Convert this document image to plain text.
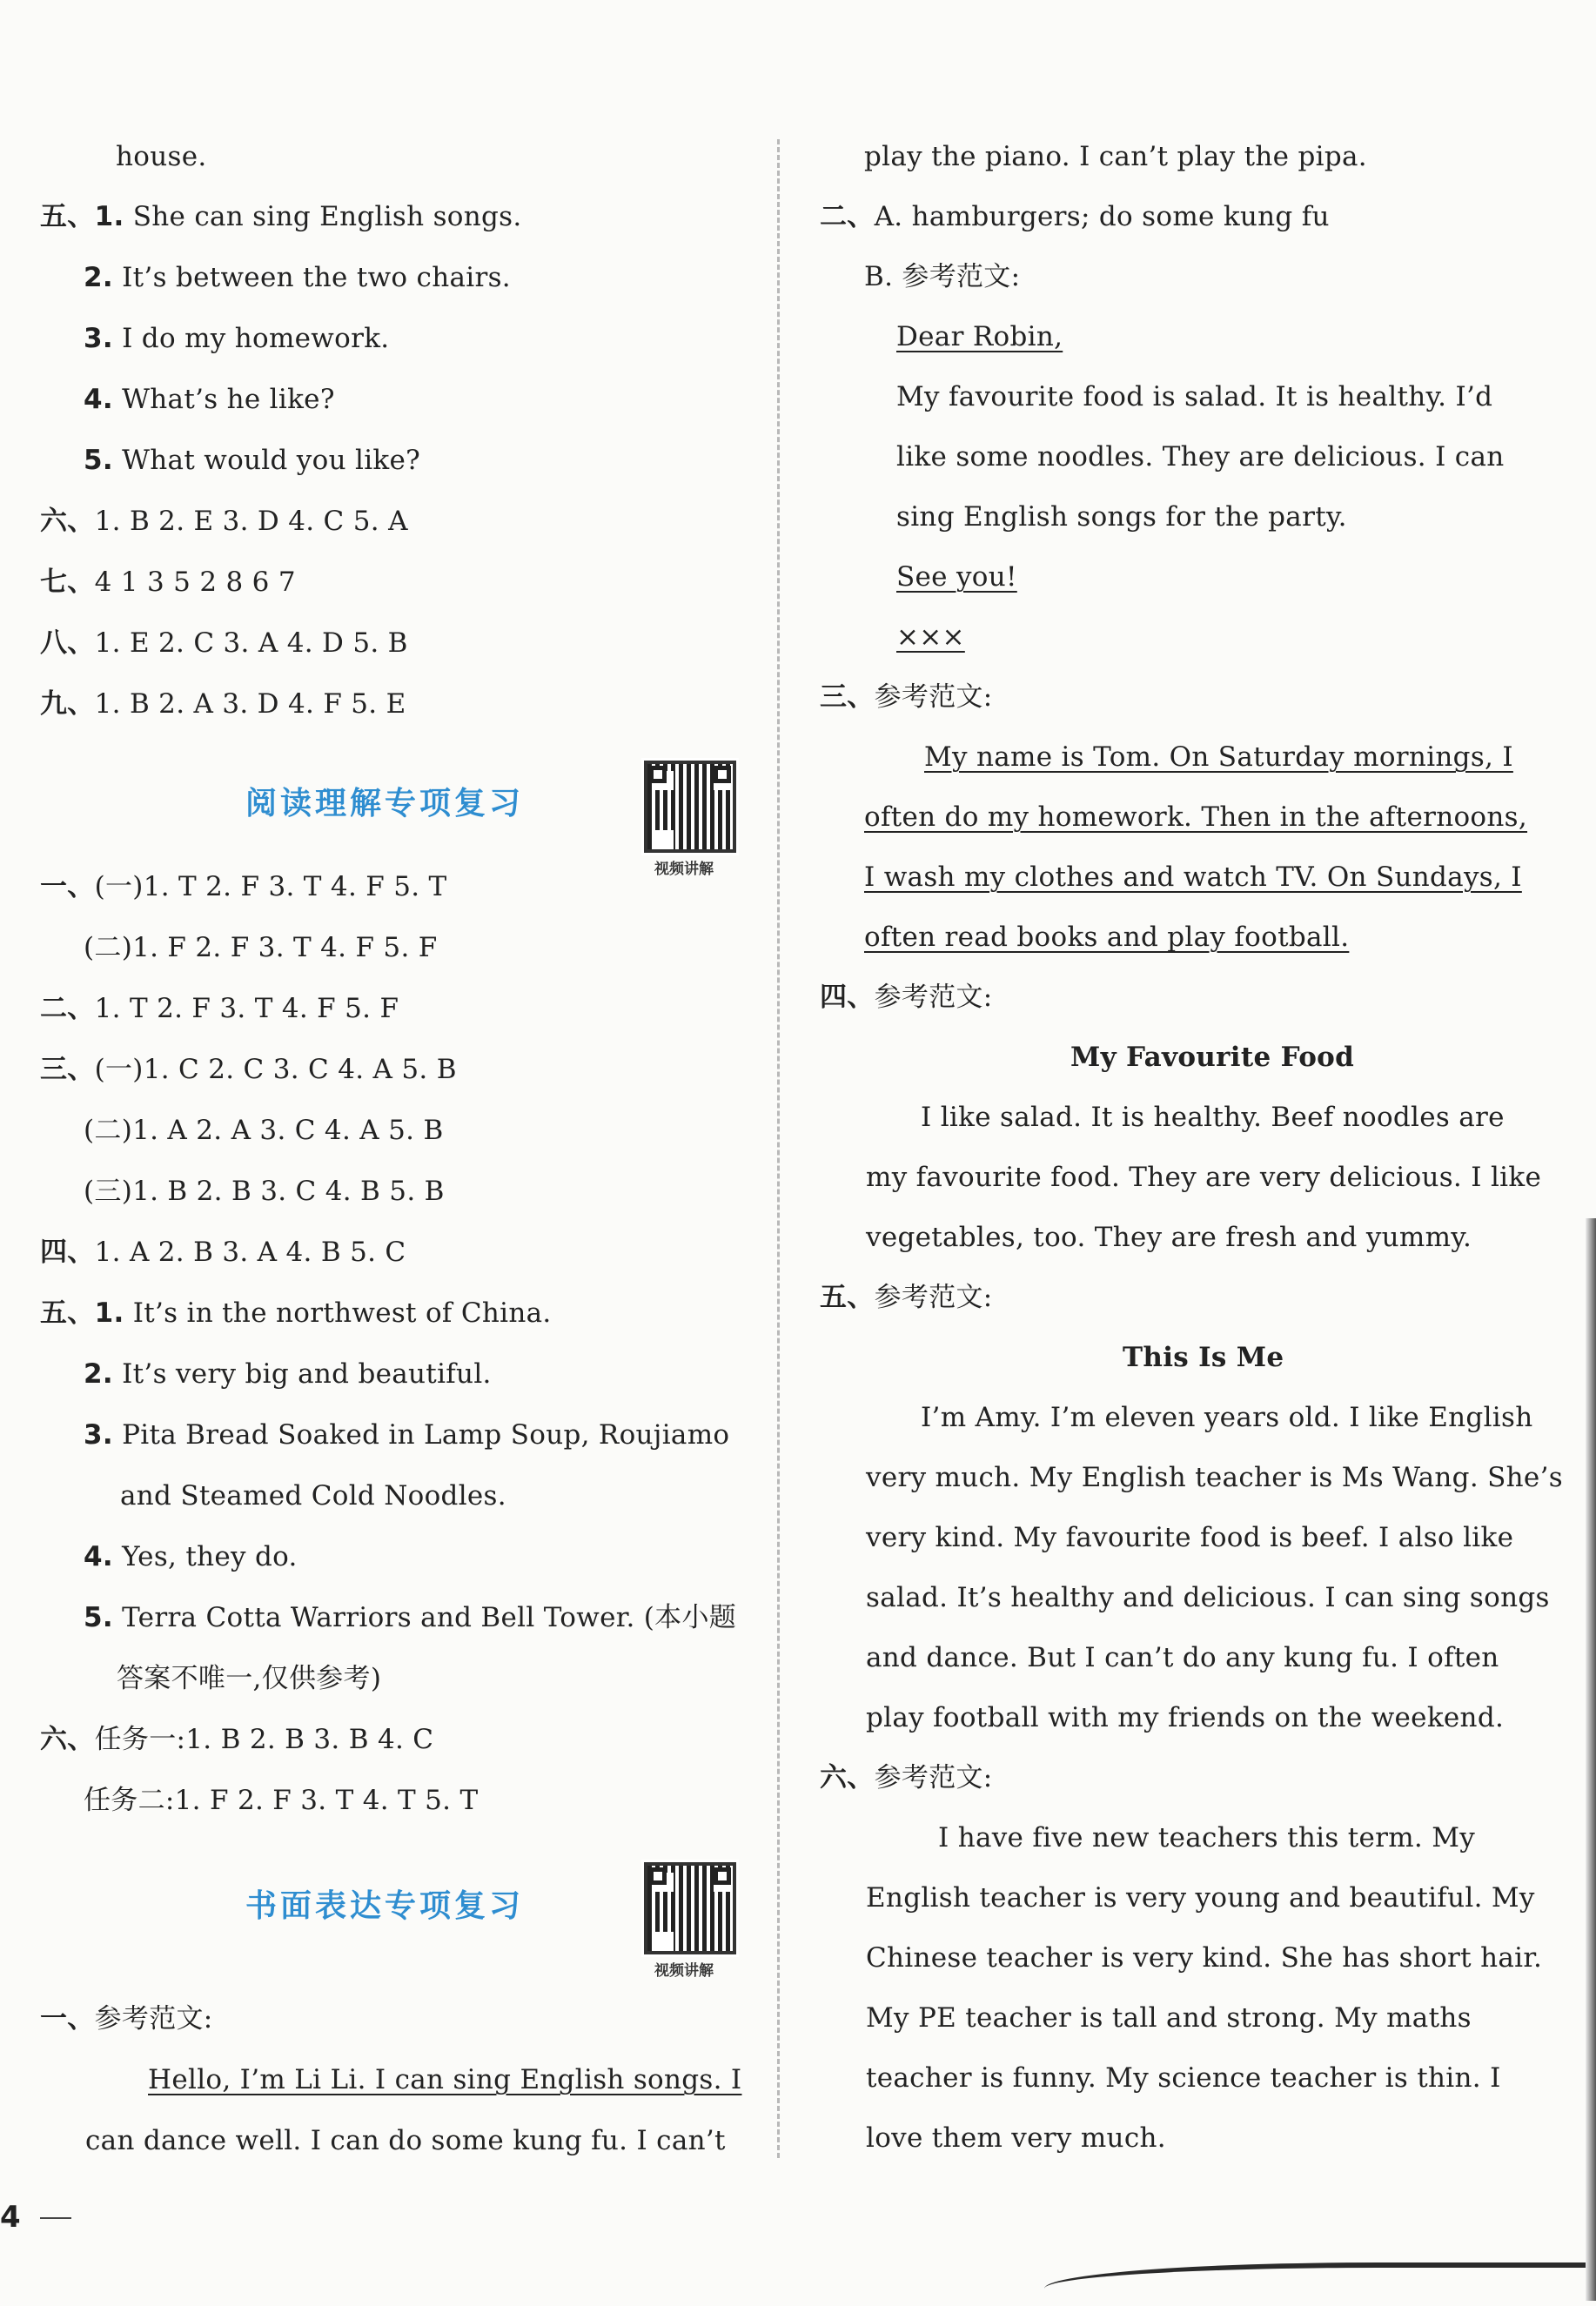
house.
五、1. She can sing English songs.
2. It’s between the two chairs.
3. I do my homework.
4. What’s he like?
5. What would you like?
六、1. B 2. E 3. D 4. C 5. A
七、4 1 3 5 2 8 6 7
八、1. E 2. C 3. A 4. D 5. B
九、1. B 2. A 3. D 4. F 5. E
阅读理解专项复习
视频讲解
一、(一)1. T 2. F 3. T 4. F 5. T
(二)1. F 2. F 3. T 4. F 5. F
二、1. T 2. F 3. T 4. F 5. F
三、(一)1. C 2. C 3. C 4. A 5. B
(二)1. A 2. A 3. C 4. A 5. B
(三)1. B 2. B 3. C 4. B 5. B
四、1. A 2. B 3. A 4. B 5. C
五、1. It’s in the northwest of China.
2. It’s very big and beautiful.
3. Pita Bread Soaked in Lamp Soup, Roujiamo
and Steamed Cold Noodles.
4. Yes, they do.
5. Terra Cotta Warriors and Bell Tower. (本小题
答案不唯一,仅供参考)
六、任务一:1. B 2. B 3. B 4. C
任务二:1. F 2. F 3. T 4. T 5. T
书面表达专项复习
视频讲解
一、参考范文:
Hello, I’m Li Li. I can sing English songs. I
can dance well. I can do some kung fu. I can’t
4
play the piano. I can’t play the pipa.
二、A. hamburgers; do some kung fu
B. 参考范文:
Dear Robin,
My favourite food is salad. It is healthy. I’d
like some noodles. They are delicious. I can
sing English songs for the party.
See you!
×××
三、参考范文:
My name is Tom. On Saturday mornings, I
often do my homework. Then in the afternoons,
I wash my clothes and watch TV. On Sundays, I
often read books and play football.
四、参考范文:
My Favourite Food
I like salad. It is healthy. Beef noodles are
my favourite food. They are very delicious. I like
vegetables, too. They are fresh and yummy.
五、参考范文:
This Is Me
I’m Amy. I’m eleven years old. I like English
very much. My English teacher is Ms Wang. She’s
very kind. My favourite food is beef. I also like
salad. It’s healthy and delicious. I can sing songs
and dance. But I can’t do any kung fu. I often
play football with my friends on the weekend.
六、参考范文:
I have five new teachers this term. My
English teacher is very young and beautiful. My
Chinese teacher is very kind. She has short hair.
My PE teacher is tall and strong. My maths
teacher is funny. My science teacher is thin. I
love them very much.
